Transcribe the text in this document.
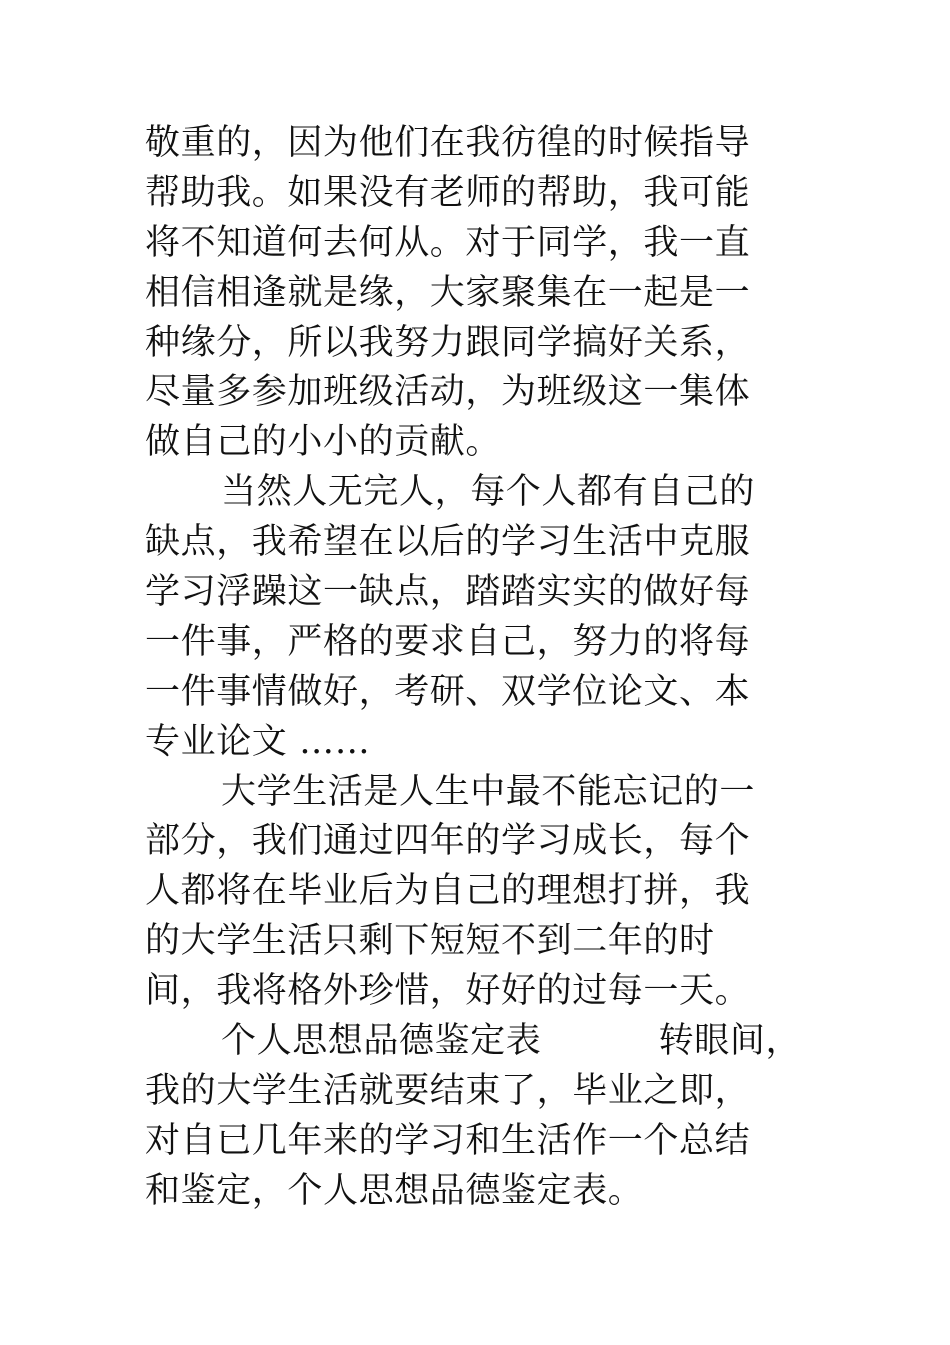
敬重的，因为他们在我彷徨的时候指导
帮助我。如果没有老师的帮助，我可能
将不知道何去何从。对于同学，我一直
相信相逢就是缘，大家聚集在一起是一
种缘分，所以我努力跟同学搞好关系，
尽量多参加班级活动，为班级这一集体
做自己的小小的贡献。
当然人无完人，每个人都有自己的
缺点，我希望在以后的学习生活中克服
学习浮躁这一缺点，踏踏实实的做好每
一件事，严格的要求自己，努力的将每
一件事情做好，考研、双学位论文、本
专业论文 ……
大学生活是人生中最不能忘记的一
部分，我们通过四年的学习成长，每个
人都将在毕业后为自己的理想打拼，我
的大学生活只剩下短短不到二年的时
间，我将格外珍惜，好好的过每一天。
个人思想品德鉴定表          转眼间，
我的大学生活就要结束了，毕业之即，
对自已几年来的学习和生活作一个总结
和鉴定，个人思想品德鉴定表。
